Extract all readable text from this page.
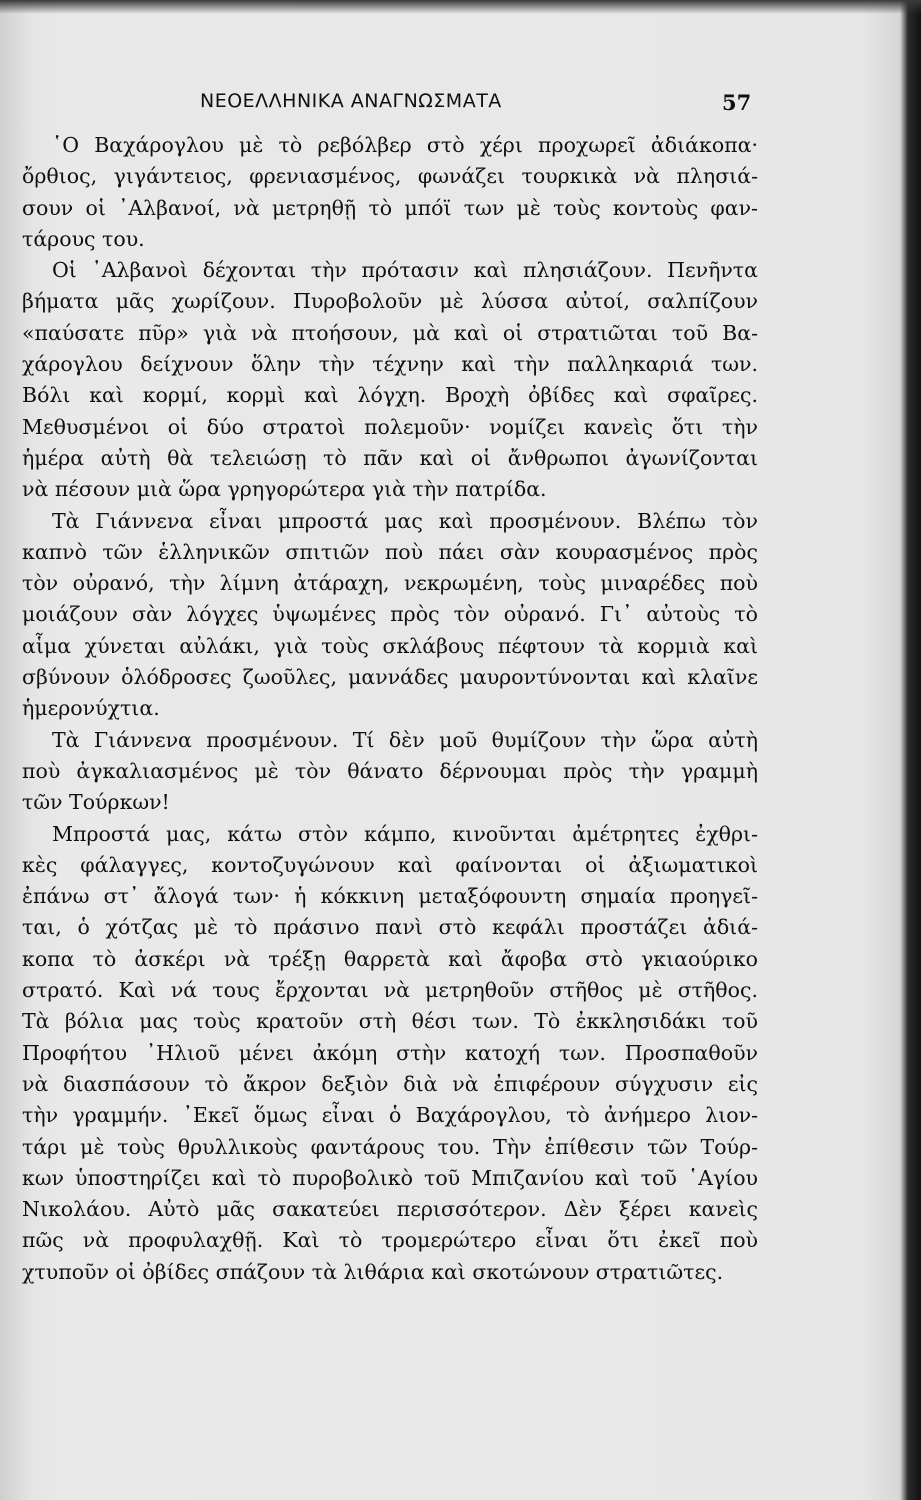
ΝΕΟΕΛΛΗΝΙΚΑ ΑΝΑΓΝΩΣΜΑΤΑ	57
῾Ο Βαχάρογλου μὲ τὸ ρεβόλβερ στὸ χέρι προχωρεῖ ἀδιάκοπα·
ὄρθιος, γιγάντειος, φρενιασμένος, φωνάζει τουρκικὰ νὰ πλησιά-
σουν οἱ ᾿Αλβανοί, νὰ μετρηθῇ τὸ μπόϊ των μὲ τοὺς κοντοὺς φαν-
τάρους του.
Οἱ ᾿Αλβανοὶ δέχονται τὴν πρότασιν καὶ πλησιάζουν. Πενῆντα
βήματα μᾶς χωρίζουν. Πυροβολοῦν μὲ λύσσα αὐτοί, σαλπίζουν
«παύσατε πῦρ» γιὰ νὰ πτοήσουν, μὰ καὶ οἱ στρατιῶται τοῦ Βα-
χάρογλου δείχνουν ὅλην τὴν τέχνην καὶ τὴν παλληκαριά των.
Βόλι καὶ κορμί, κορμὶ καὶ λόγχη. Βροχὴ ὀβίδες καὶ σφαῖρες.
Μεθυσμένοι οἱ δύο στρατοὶ πολεμοῦν· νομίζει κανεὶς ὅτι τὴν
ἡμέρα αὐτὴ θὰ τελειώσῃ τὸ πᾶν καὶ οἱ ἄνθρωποι ἀγωνίζονται
νὰ πέσουν μιὰ ὥρα γρηγορώτερα γιὰ τὴν πατρίδα.
Τὰ Γιάννενα εἶναι μπροστά μας καὶ προσμένουν. Βλέπω τὸν
καπνὸ τῶν ἑλληνικῶν σπιτιῶν ποὺ πάει σὰν κουρασμένος πρὸς
τὸν οὐρανό, τὴν λίμνη ἀτάραχη, νεκρωμένη, τοὺς μιναρέδες ποὺ
μοιάζουν σὰν λόγχες ὑψωμένες πρὸς τὸν οὐρανό. Γι᾿ αὐτοὺς τὸ
αἷμα χύνεται αὐλάκι, γιὰ τοὺς σκλάβους πέφτουν τὰ κορμιὰ καὶ
σβύνουν ὁλόδροσες ζωοῦλες, μαννάδες μαυροντύνονται καὶ κλαῖνε
ἡμερονύχτια.
Τὰ Γιάννενα προσμένουν. Τί δὲν μοῦ θυμίζουν τὴν ὥρα αὐτὴ
ποὺ ἀγκαλιασμένος μὲ τὸν θάνατο δέρνουμαι πρὸς τὴν γραμμὴ
τῶν Τούρκων!
Μπροστά μας, κάτω στὸν κάμπο, κινοῦνται ἀμέτρητες ἐχθρι-
κὲς φάλαγγες, κοντοζυγώνουν καὶ φαίνονται οἱ ἀξιωματικοὶ
ἐπάνω στ᾿ ἄλογά των· ἡ κόκκινη μεταξόφουντη σημαία προηγεῖ-
ται, ὁ χότζας μὲ τὸ πράσινο πανὶ στὸ κεφάλι προστάζει ἀδιά-
κοπα τὸ ἀσκέρι νὰ τρέξῃ θαρρετὰ καὶ ἄφοβα στὸ γκιαούρικο
στρατό. Καὶ νά τους ἔρχονται νὰ μετρηθοῦν στῆθος μὲ στῆθος.
Τὰ βόλια μας τοὺς κρατοῦν στὴ θέσι των. Τὸ ἐκκλησιδάκι τοῦ
Προφήτου ᾿Ηλιοῦ μένει ἀκόμη στὴν κατοχή των. Προσπαθοῦν
νὰ διασπάσουν τὸ ἄκρον δεξιὸν διὰ νὰ ἐπιφέρουν σύγχυσιν εἰς
τὴν γραμμήν. ᾿Εκεῖ ὅμως εἶναι ὁ Βαχάρογλου, τὸ ἀνήμερο λιον-
τάρι μὲ τοὺς θρυλλικοὺς φαντάρους του. Τὴν ἐπίθεσιν τῶν Τούρ-
κων ὑποστηρίζει καὶ τὸ πυροβολικὸ τοῦ Μπιζανίου καὶ τοῦ ῾Αγίου
Νικολάου. Αὐτὸ μᾶς σακατεύει περισσότερον. Δὲν ξέρει κανεὶς
πῶς νὰ προφυλαχθῇ. Καὶ τὸ τρομερώτερο εἶναι ὅτι ἐκεῖ ποὺ
χτυποῦν οἱ ὀβίδες σπάζουν τὰ λιθάρια καὶ σκοτώνουν στρατιῶτες.
